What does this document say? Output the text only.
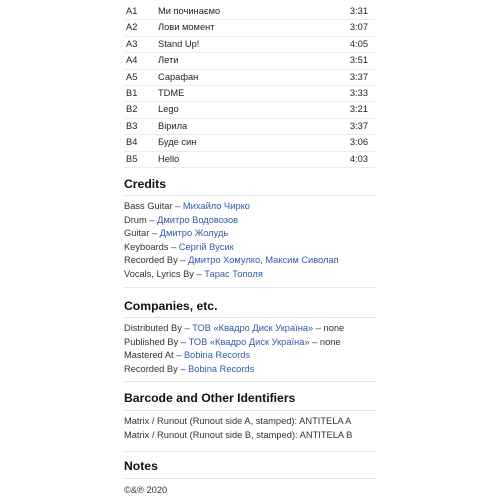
A1 Ми починаємо	3:31
A2 Лови момент	3:07
A3 Stand Up!	4:05
A4 Лети	3:51
A5 Сарафан	3:37
B1 TDME	3:33
B2 Lego	3:21
B3 Вірила	3:37
B4 Буде син	3:06
B5 Hello	4:03
Credits
Bass Guitar – Михайло Чирко
Drum – Дмитро Водовозов
Guitar – Дмитро Жолудь
Keyboards – Сергій Вусик
Recorded By – Дмитро Хомулко, Максим Сиволап
Vocals, Lyrics By – Тарас Тополя
Companies, etc.
Distributed By – ТОВ «Квадро Диск Україна» – none
Published By – ТОВ «Квадро Диск Україна» – none
Mastered At – Bobina Records
Recorded By – Bobina Records
Barcode and Other Identifiers
Matrix / Runout (Runout side A, stamped): ANTITELA A
Matrix / Runout (Runout side B, stamped): ANTITELA B
Notes
©&℗ 2020
